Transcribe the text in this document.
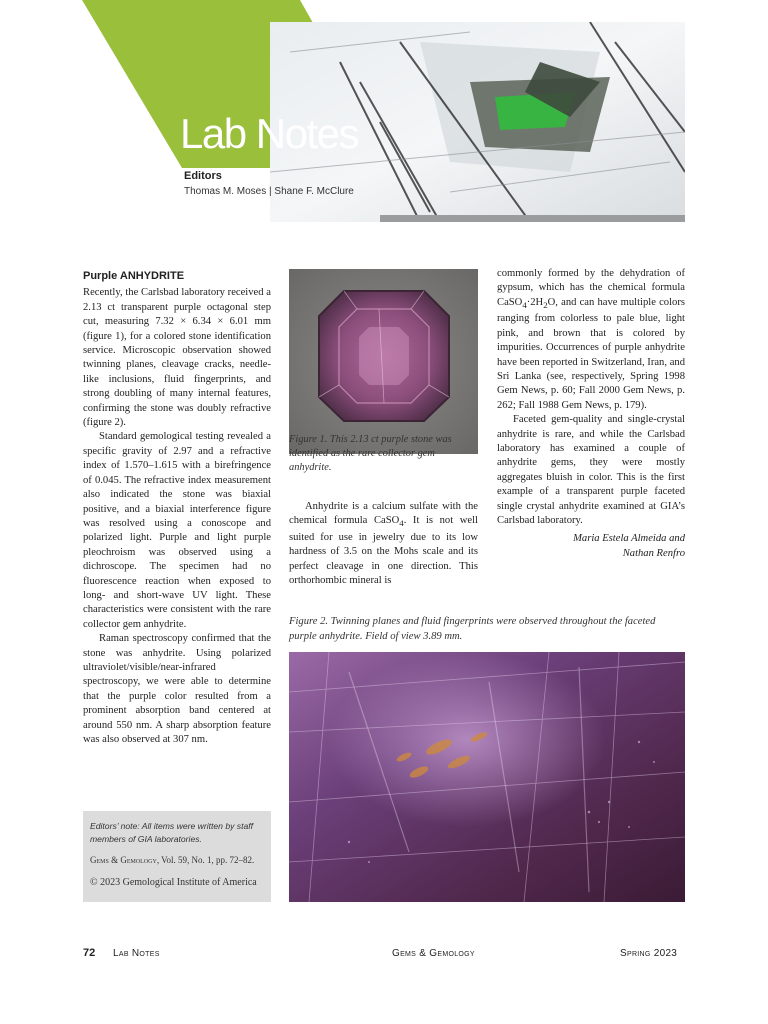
Lab Notes
Editors
Thomas M. Moses | Shane F. McClure

Purple ANHYDRITE

Recently, the Carlsbad laboratory received a 2.13 ct transparent purple octagonal step cut, measuring 7.32 × 6.34 × 6.01 mm (figure 1), for a colored stone identification service. Microscopic observation showed twinning planes, cleavage cracks, needle-like inclusions, fluid fingerprints, and strong doubling of many internal features, confirming the stone was doubly refractive (figure 2).

Standard gemological testing revealed a specific gravity of 2.97 and a refractive index of 1.570–1.615 with a birefringence of 0.045. The refractive index measurement also indicated the stone was biaxial positive, and a biaxial interference figure was resolved using a conoscope and polarized light. Purple and light purple pleochroism was observed using a dichroscope. The specimen had no fluorescence reaction when exposed to long- and short-wave UV light. These characteristics were consistent with the rare collector gem anhydrite.

Raman spectroscopy confirmed that the stone was anhydrite. Using polarized ultraviolet/visible/near-infrared spectroscopy, we were able to determine that the purple color resulted from a prominent absorption band centered at around 550 nm. A sharp absorption feature was also observed at 307 nm.

Figure 1. This 2.13 ct purple stone was identified as the rare collector gem anhydrite.

Anhydrite is a calcium sulfate with the chemical formula CaSO$_4$. It is not well suited for use in jewelry due to its low hardness of 3.5 on the Mohs scale and its perfect cleavage in one direction. This orthorhombic mineral is

commonly formed by the dehydration of gypsum, which has the chemical formula $CaSO_4\cdot 2H_2O$, and can have multiple colors ranging from colorless to pale blue, light pink, and brown that is colored by impurities. Occurrences of purple anhydrite have been reported in Switzerland, Iran, and Sri Lanka (see, respectively, Spring 1998 Gem News, p. 60; Fall 2000 Gem News, p. 262; Fall 1988 Gem News, p. 179).

Faceted gem-quality and single-crystal anhydrite is rare, and while the Carlsbad laboratory has examined a couple of anhydrite gems, they were mostly aggregates bluish in color. This is the first example of a transparent purple faceted single crystal anhydrite examined at GIA’s Carlsbad laboratory.

Maria Estela Almeida and
Nathan Renfro
Figure 2. Twinning planes and fluid fingerprints were observed throughout the faceted purple anhydrite. Field of view 3.89 mm.
Editors’ note: All items were written by staff members of GIA laboratories.
Gems & Gemology, Vol. 59, No. 1, pp. 72–82.
© 2023 Gemological Institute of America
72 Lab Notes	Gems & Gemology	Spring 2023
